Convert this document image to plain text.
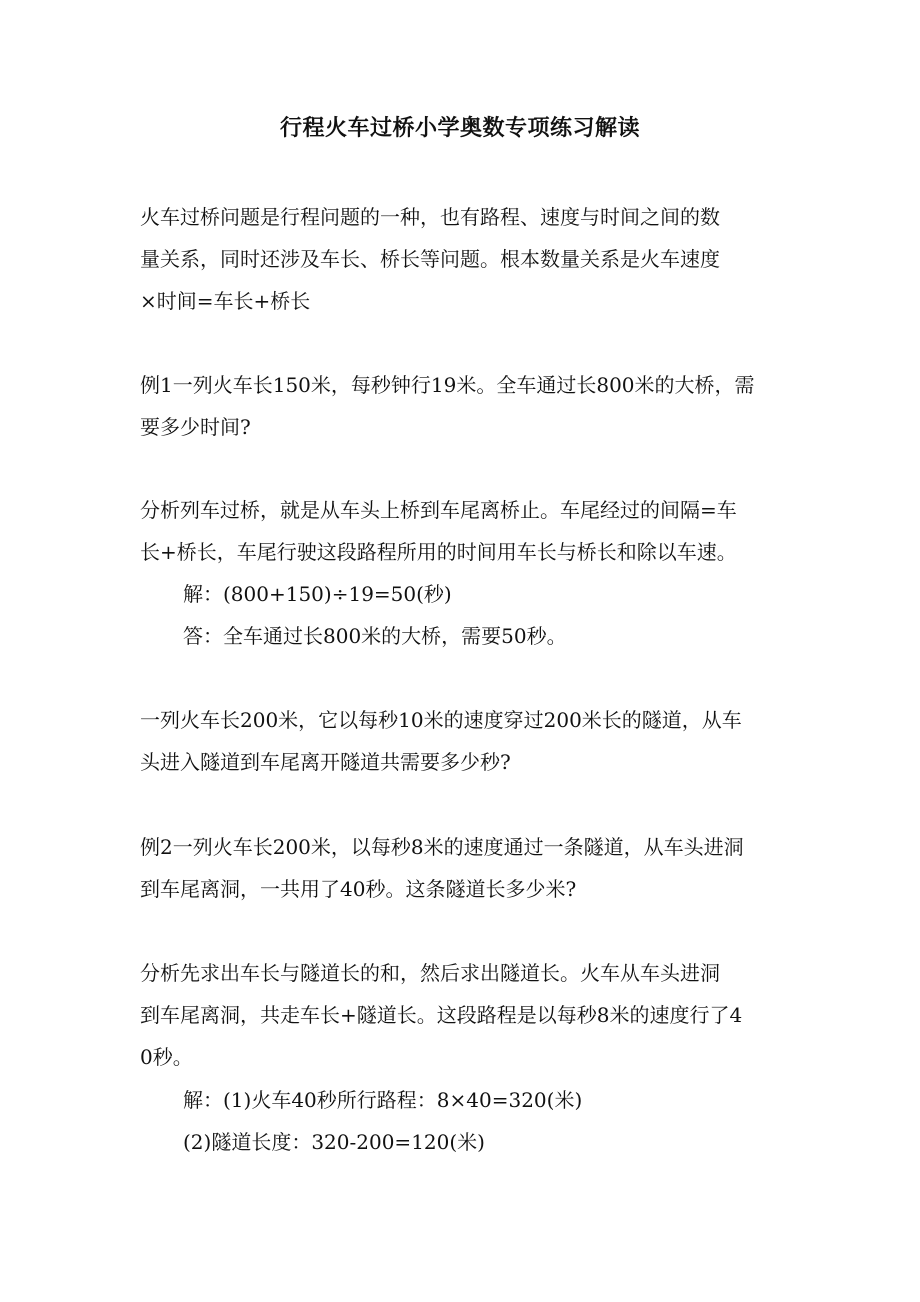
行程火车过桥小学奥数专项练习解读
火车过桥问题是行程问题的一种，也有路程、速度与时间之间的数
量关系，同时还涉及车长、桥长等问题。根本数量关系是火车速度
×时间=车长+桥长
例1一列火车长150米，每秒钟行19米。全车通过长800米的大桥，需
要多少时间?
分析列车过桥，就是从车头上桥到车尾离桥止。车尾经过的间隔=车
长+桥长，车尾行驶这段路程所用的时间用车长与桥长和除以车速。
解：(800+150)÷19=50(秒)
答：全车通过长800米的大桥，需要50秒。
一列火车长200米，它以每秒10米的速度穿过200米长的隧道，从车
头进入隧道到车尾离开隧道共需要多少秒?
例2一列火车长200米，以每秒8米的速度通过一条隧道，从车头进洞
到车尾离洞，一共用了40秒。这条隧道长多少米?
分析先求出车长与隧道长的和，然后求出隧道长。火车从车头进洞
到车尾离洞，共走车长+隧道长。这段路程是以每秒8米的速度行了4
0秒。
解：(1)火车40秒所行路程：8×40=320(米)
(2)隧道长度：320-200=120(米)
